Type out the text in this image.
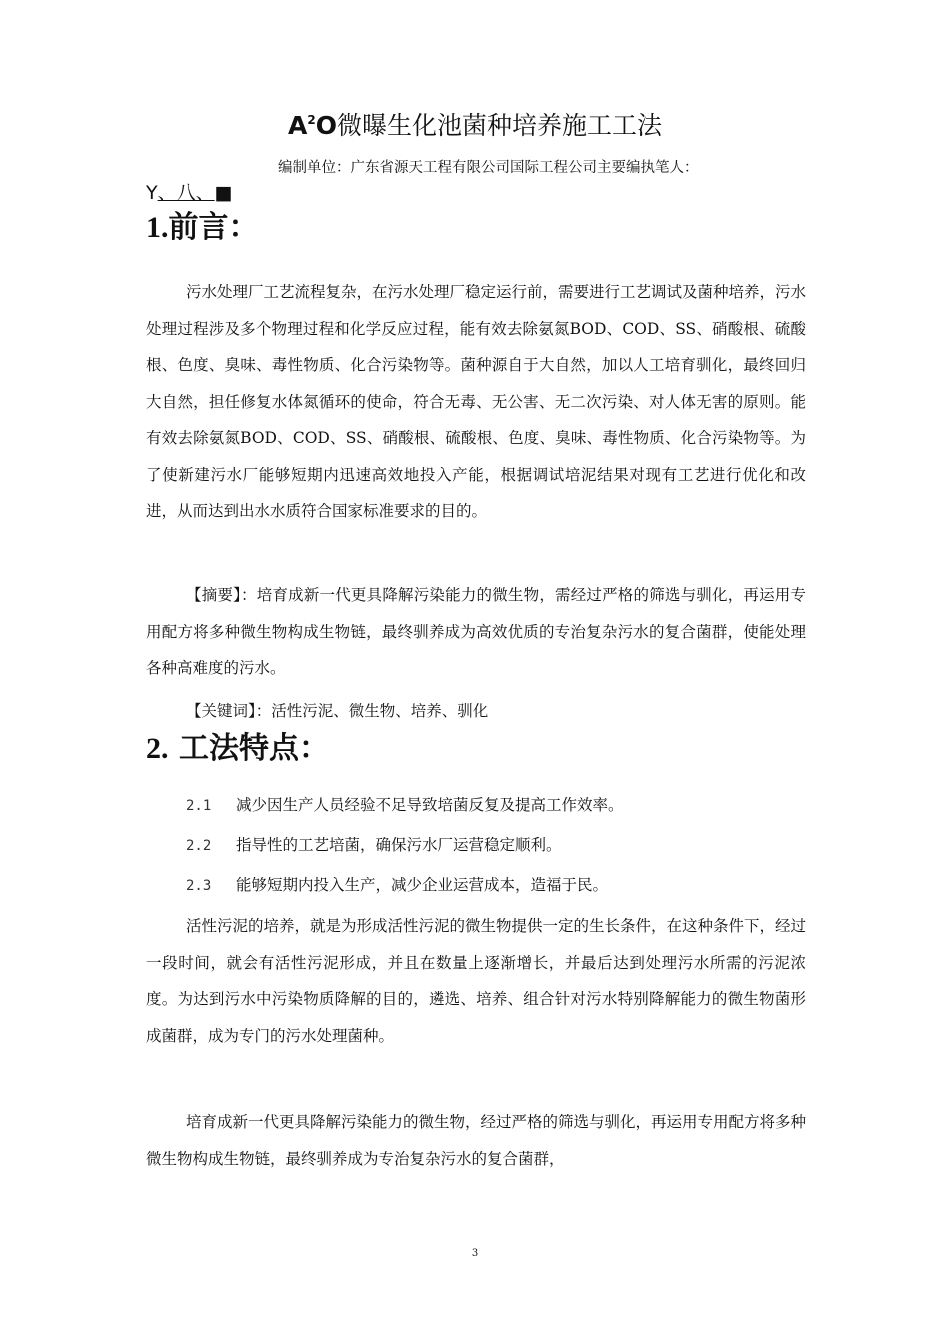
$A^2O$微曝生化池菌种培养施工工法

编制单位：广东省源天工程有限公司国际工程公司主要编执笔人：

Y、八、■

1.前言：

污水处理厂工艺流程复杂，在污水处理厂稳定运行前，需要进行工艺调试及菌种培养，污水处理过程涉及多个物理过程和化学反应过程，能有效去除氨氮BOD、COD、SS、硝酸根、硫酸根、色度、臭味、毒性物质、化合污染物等。菌种源自于大自然，加以人工培育驯化，最终回归大自然，担任修复水体氮循环的使命，符合无毒、无公害、无二次污染、对人体无害的原则。能有效去除氨氮BOD、COD、SS、硝酸根、硫酸根、色度、臭味、毒性物质、化合污染物等。为了使新建污水厂能够短期内迅速高效地投入产能，根据调试培泥结果对现有工艺进行优化和改进，从而达到出水水质符合国家标准要求的目的。

【摘要】：培育成新一代更具降解污染能力的微生物，需经过严格的筛选与驯化，再运用专用配方将多种微生物构成生物链，最终驯养成为高效优质的专治复杂污水的复合菌群，使能处理各种高难度的污水。

【关键词】：活性污泥、微生物、培养、驯化

2. 工法特点：

2.1 减少因生产人员经验不足导致培菌反复及提高工作效率。

2.2 指导性的工艺培菌，确保污水厂运营稳定顺利。

2.3 能够短期内投入生产，减少企业运营成本，造福于民。

活性污泥的培养，就是为形成活性污泥的微生物提供一定的生长条件，在这种条件下，经过一段时间，就会有活性污泥形成，并且在数量上逐渐增长，并最后达到处理污水所需的污泥浓度。为达到污水中污染物质降解的目的，遴选、培养、组合针对污水特别降解能力的微生物菌形成菌群，成为专门的污水处理菌种。

培育成新一代更具降解污染能力的微生物，经过严格的筛选与驯化，再运用专用配方将多种微生物构成生物链，最终驯养成为专治复杂污水的复合菌群，

3
